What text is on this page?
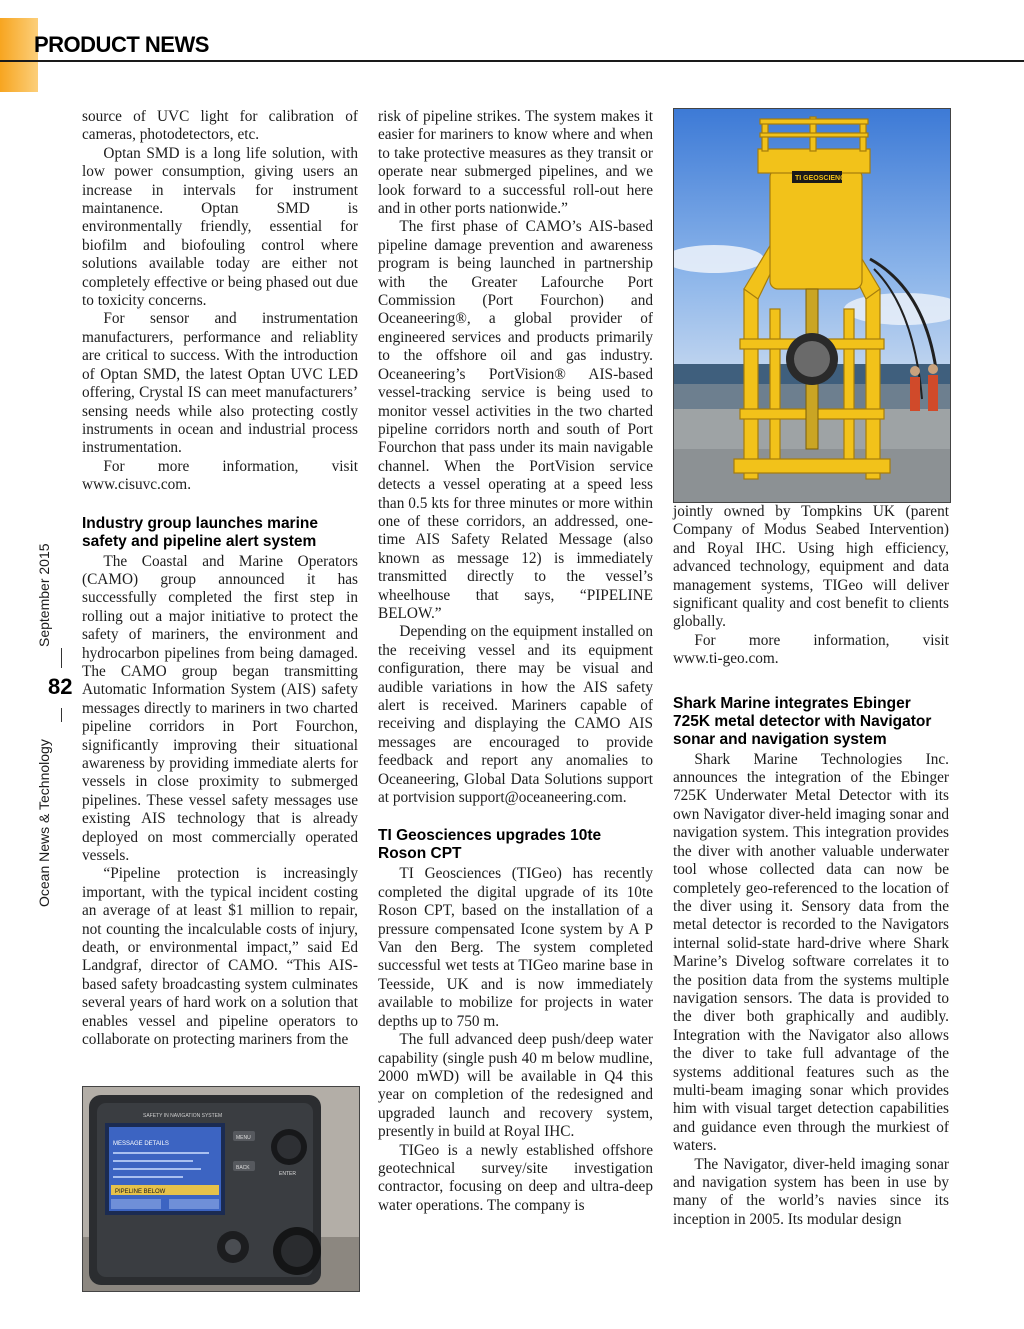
PRODUCT NEWS
September 2015
82
Ocean News & Technology

source of UVC light for calibration of cameras, photodetectors, etc.

Optan SMD is a long life solution, with low power consumption, giving users an increase in intervals for instrument maintanence. Optan SMD is environmentally friendly, essential for biofilm and biofouling control where solutions available today are either not completely effective or being phased out due to toxicity concerns.

For sensor and instrumentation manufacturers, performance and reliablity are critical to success. With the introduction of Optan SMD, the latest Optan UVC LED offering, Crystal IS can meet manufacturers’ sensing needs while also protecting costly instruments in ocean and industrial process instrumentation.

For more information, visit

www.cisuvc.com.

Industry group launches marine safety and pipeline alert system

The Coastal and Marine Operators (CAMO) group announced it has successfully completed the first step in rolling out a major initiative to protect the safety of mariners, the environment and hydrocarbon pipelines from being damaged. The CAMO group began transmitting Automatic Information System (AIS) safety messages directly to mariners in two charted pipeline corridors in Port Fourchon, significantly improving their situational awareness by providing immediate alerts for vessels in close proximity to submerged pipelines. These vessel safety messages use existing AIS technology that is already deployed on most commercially operated vessels.

“Pipeline protection is increasingly important, with the typical incident costing an average of at least $1 million to repair, not counting the incalculable costs of injury, death, or environmental impact,” said Ed Landgraf, director of CAMO. “This AIS-based safety broadcasting system culminates several years of hard work on a solution that enables vessel and pipeline operators to collaborate on protecting mariners from the

SAFETY IN NAVIGATION SYSTEM
MESSAGE DETAILS
PIPELINE BELOW
MENU
BACK
ENTER

risk of pipeline strikes. The system makes it easier for mariners to know where and when to take protective measures as they transit or operate near submerged pipelines, and we look forward to a successful roll-out here and in other ports nationwide.”

The first phase of CAMO’s AIS-based pipeline damage prevention and awareness program is being launched in partnership with the Greater Lafourche Port Commission (Port Fourchon) and Oceaneering®, a global provider of engineered services and products primarily to the offshore oil and gas industry. Oceaneering’s PortVision® AIS-based vessel-tracking service is being used to monitor vessel activities in the two charted pipeline corridors north and south of Port Fourchon that pass under its main navigable channel. When the PortVision service detects a vessel operating at a speed less than 0.5 kts for three minutes or more within one of these corridors, an addressed, one-time AIS Safety Related Message (also known as message 12) is immediately transmitted directly to the vessel’s wheelhouse that says, “PIPELINE BELOW.”

Depending on the equipment installed on the receiving vessel and its equipment configuration, there may be visual and audible variations in how the AIS safety alert is received. Mariners capable of receiving and displaying the CAMO AIS messages are encouraged to provide feedback and report any anomalies to Oceaneering, Global Data Solutions support at portvision support@oceaneering.com.

TI Geosciences upgrades 10te Roson CPT

TI Geosciences (TIGeo) has recently completed the digital upgrade of its 10te Roson CPT, based on the installation of a pressure compensated Icone system by A P Van den Berg. The system completed successful wet tests at TIGeo marine base in Teesside, UK and is now immediately available to mobilize for projects in water depths up to 750 m.

The full advanced deep push/deep water capability (single push 40 m below mudline, 2000 mWD) will be available in Q4 this year on completion of the redesigned and upgraded launch and recovery system, presently in build at Royal IHC.

TIGeo is a newly established offshore geotechnical survey/site investigation contractor, focusing on deep and ultra-deep water operations. The company is

TI GEOSCIENCES

jointly owned by Tompkins UK (parent Company of Modus Seabed Intervention) and Royal IHC. Using high efficiency, advanced technology, equipment and data management systems, TIGeo will deliver significant quality and cost benefit to clients globally.

For more information, visit

www.ti-geo.com.

Shark Marine integrates Ebinger 725K metal detector with Navigator sonar and navigation system

Shark Marine Technologies Inc. announces the integration of the Ebinger 725K Underwater Metal Detector with its own Navigator diver-held imaging sonar and navigation system. This integration provides the diver with another valuable underwater tool whose collected data can now be completely geo-referenced to the location of the diver using it. Sensory data from the metal detector is recorded to the Navigators internal solid-state hard-drive where Shark Marine’s Divelog software correlates it to the position data from the systems multiple navigation sensors. The data is provided to the diver both graphically and audibly. Integration with the Navigator also allows the diver to take full advantage of the systems additional features such as the multi-beam imaging sonar which provides him with visual target detection capabilities and guidance even through the murkiest of waters.

The Navigator, diver-held imaging sonar and navigation system has been in use by many of the world’s navies since its inception in 2005. Its modular design
